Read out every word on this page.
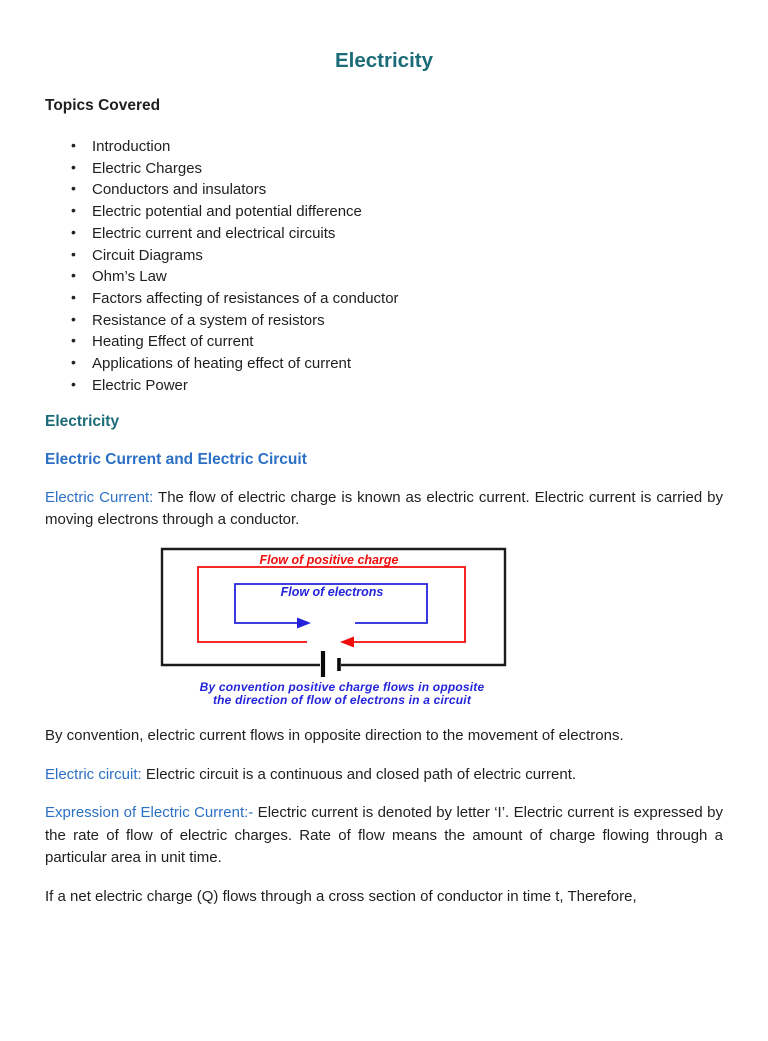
Electricity

Topics Covered

• Introduction
• Electric Charges
• Conductors and insulators
• Electric potential and potential difference
• Electric current and electrical circuits
• Circuit Diagrams
• Ohm’s Law
• Factors affecting of resistances of a conductor
• Resistance of a system of resistors
• Heating Effect of current
• Applications of heating effect of current
• Electric Power

Electricity

Electric Current and Electric Circuit

Electric Current: The flow of electric charge is known as electric current. Electric current is carried by moving electrons through a conductor.

Flow of positive charge
Flow of electrons
By convention positive charge flows in opposite
the direction of flow of electrons in a circuit

By convention, electric current flows in opposite direction to the movement of electrons.

Electric circuit: Electric circuit is a continuous and closed path of electric current.

Expression of Electric Current:- Electric current is denoted by letter ‘I’. Electric current is expressed by the rate of flow of electric charges. Rate of flow means the amount of charge flowing through a particular area in unit time.

If a net electric charge (Q) flows through a cross section of conductor in time t, Therefore,
